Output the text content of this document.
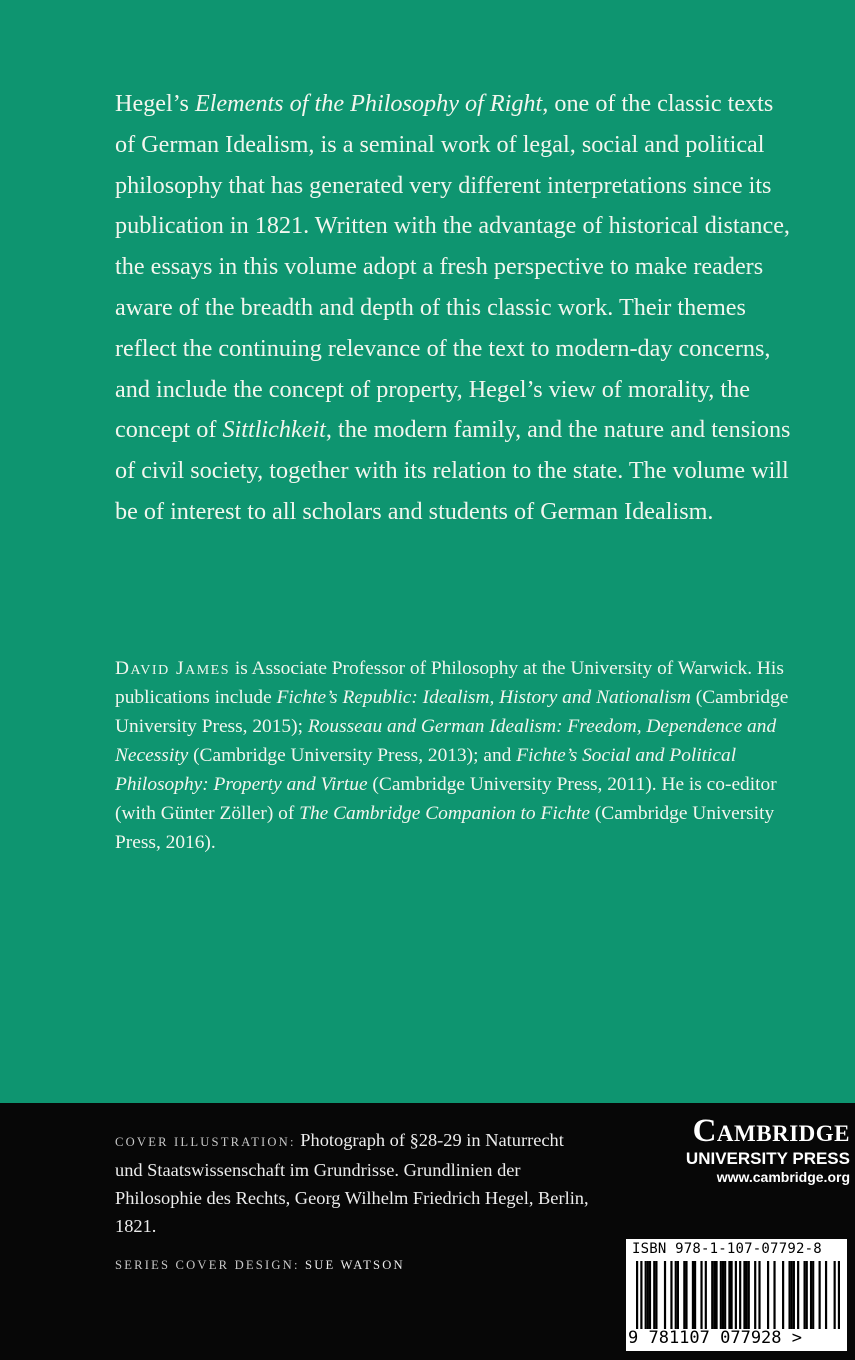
Hegel’s Elements of the Philosophy of Right, one of the classic texts of German Idealism, is a seminal work of legal, social and political philosophy that has generated very different interpretations since its publication in 1821. Written with the advantage of historical distance, the essays in this volume adopt a fresh perspective to make readers aware of the breadth and depth of this classic work. Their themes reflect the continuing relevance of the text to modern-day concerns, and include the concept of property, Hegel’s view of morality, the concept of Sittlichkeit, the modern family, and the nature and tensions of civil society, together with its relation to the state. The volume will be of interest to all scholars and students of German Idealism.

David James is Associate Professor of Philosophy at the University of Warwick. His publications include Fichte’s Republic: Idealism, History and Nationalism (Cambridge University Press, 2015); Rousseau and German Idealism: Freedom, Dependence and Necessity (Cambridge University Press, 2013); and Fichte’s Social and Political Philosophy: Property and Virtue (Cambridge University Press, 2011). He is co-editor (with Günter Zöller) of The Cambridge Companion to Fichte (Cambridge University Press, 2016).

COVER ILLUSTRATION: Photograph of §28-29 in Naturrecht und Staatswissenschaft im Grundrisse. Grundlinien der Philosophie des Rechts, Georg Wilhelm Friedrich Hegel, Berlin, 1821.

SERIES COVER DESIGN: SUE WATSON
Cambridge
UNIVERSITY PRESS
www.cambridge.org
ISBN 978-1-107-07792-8
9 781107 077928 >
